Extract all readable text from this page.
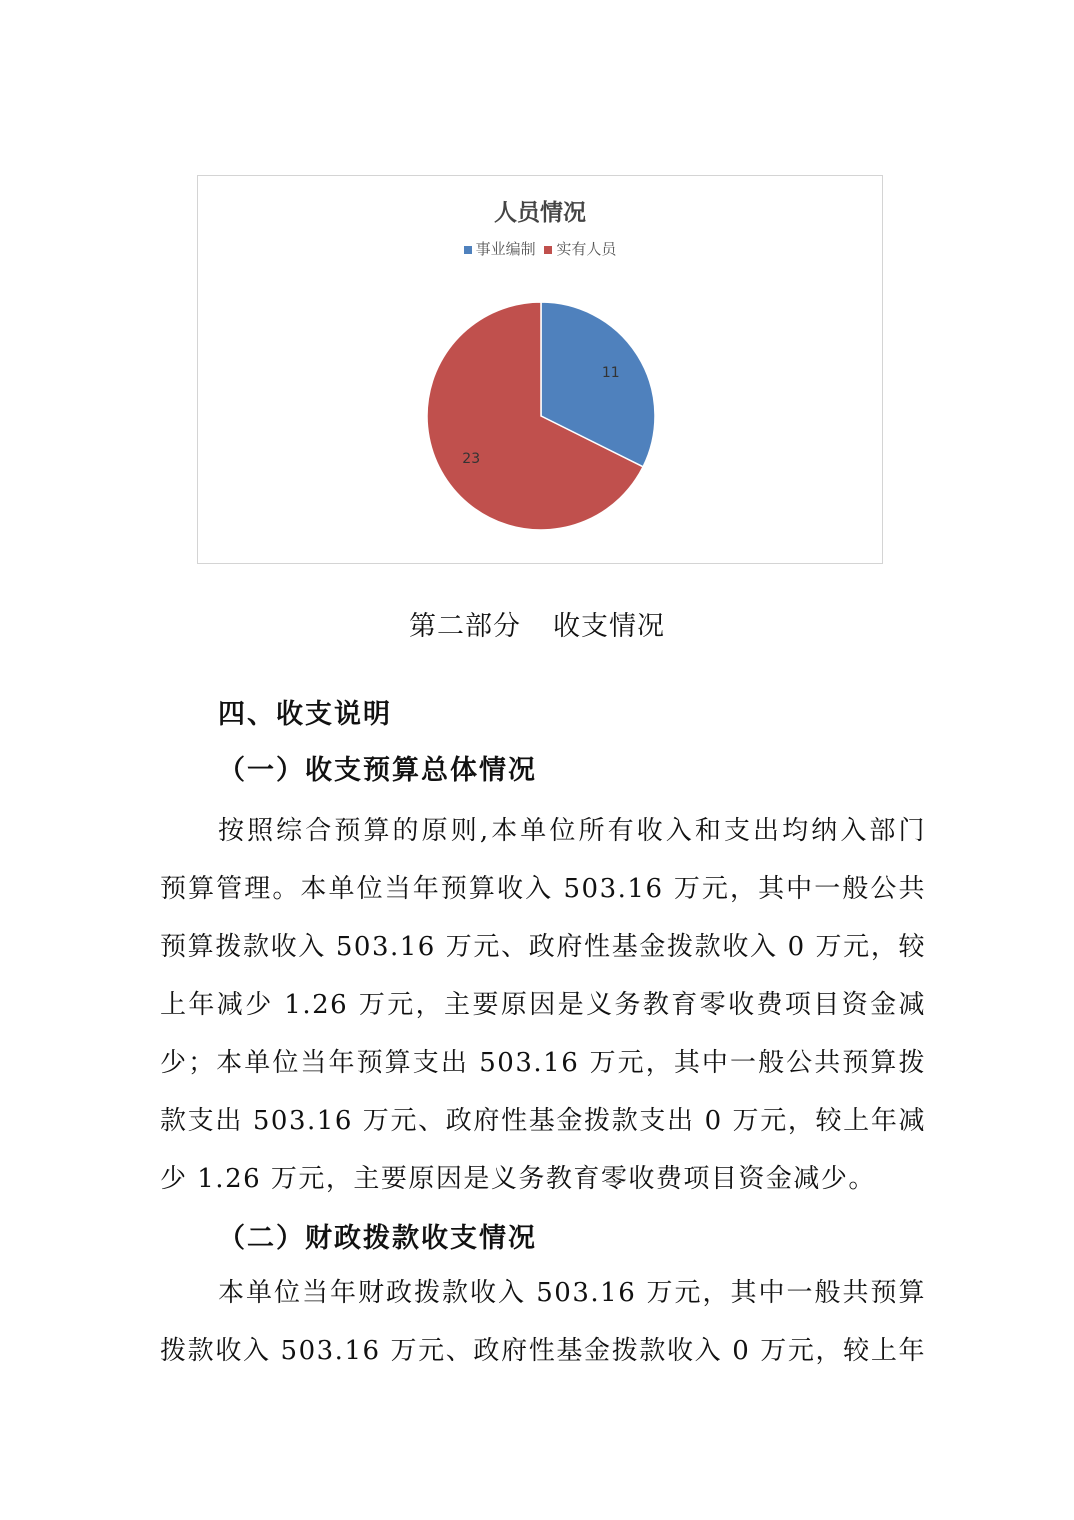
人员情况
事业编制 实有人员
11
23
第二部分 收支情况
四、收支说明
（一）收支预算总体情况
按照综合预算的原则,本单位所有收入和支出均纳入部门
预算管理。本单位当年预算收入 503.16 万元，其中一般公共
预算拨款收入 503.16 万元、政府性基金拨款收入 0 万元，较
上年减少 1.26 万元，主要原因是义务教育零收费项目资金减
少；本单位当年预算支出 503.16 万元，其中一般公共预算拨
款支出 503.16 万元、政府性基金拨款支出 0 万元，较上年减
少 1.26 万元，主要原因是义务教育零收费项目资金减少。
（二）财政拨款收支情况
本单位当年财政拨款收入 503.16 万元，其中一般共预算
拨款收入 503.16 万元、政府性基金拨款收入 0 万元，较上年
